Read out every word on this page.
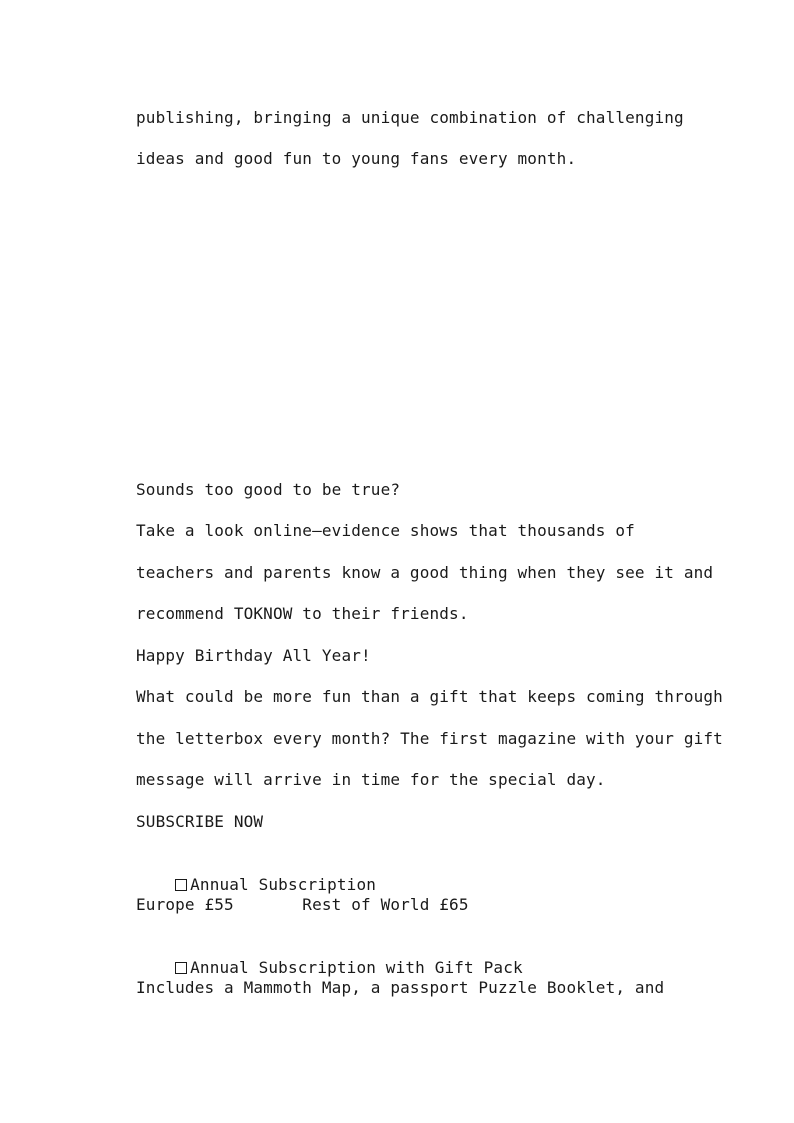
publishing, bringing a unique combination of challenging
ideas and good fun to young fans every month.
Sounds too good to be true?
Take a look online—evidence shows that thousands of
teachers and parents know a good thing when they see it and
recommend TOKNOW to their friends.
Happy Birthday All Year!
What could be more fun than a gift that keeps coming through
the letterbox every month? The first magazine with your gift
message will arrive in time for the special day.
SUBSCRIBE NOW

Annual Subscription

Europe £55       Rest of World £65

Annual Subscription with Gift Pack

Includes a Mammoth Map, a passport Puzzle Booklet, and
